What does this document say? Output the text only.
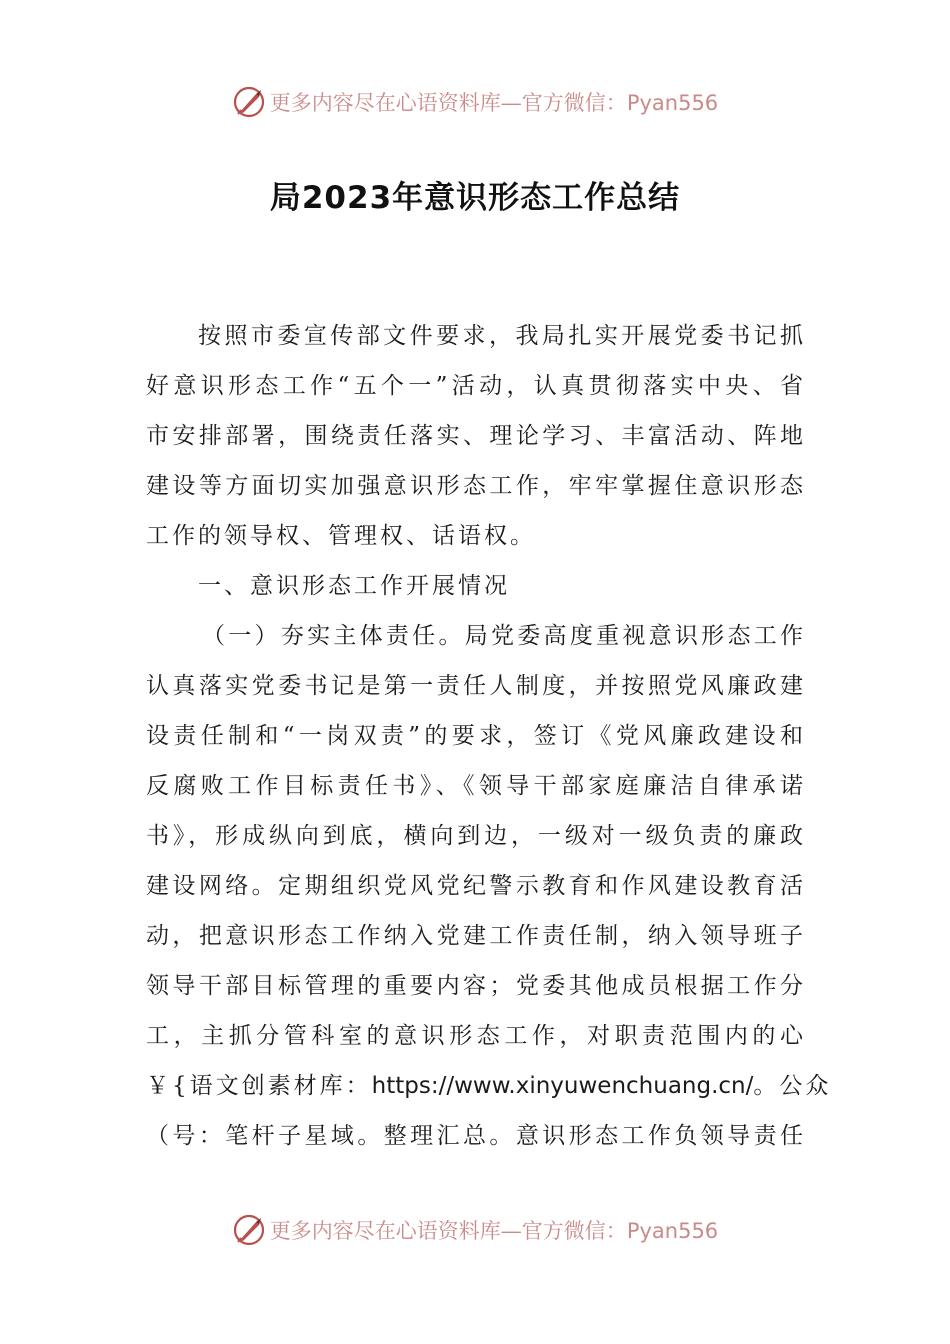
更多内容尽在心语资料库—官方微信：Pyan556
局2023年意识形态工作总结
按照市委宣传部文件要求，我局扎实开展党委书记抓
好意识形态工作“五个一”活动，认真贯彻落实中央、省
市安排部署，围绕责任落实、理论学习、丰富活动、阵地
建设等方面切实加强意识形态工作，牢牢掌握住意识形态
工作的领导权、管理权、话语权。
一、意识形态工作开展情况
（一）夯实主体责任。局党委高度重视意识形态工作
认真落实党委书记是第一责任人制度，并按照党风廉政建
设责任制和“一岗双责”的要求，签订《党风廉政建设和
反腐败工作目标责任书》、《领导干部家庭廉洁自律承诺
书》，形成纵向到底，横向到边，一级对一级负责的廉政
建设网络。定期组织党风党纪警示教育和作风建设教育活
动，把意识形态工作纳入党建工作责任制，纳入领导班子
领导干部目标管理的重要内容；党委其他成员根据工作分
工，主抓分管科室的意识形态工作，对职责范围内的心
￥{语文创素材库：https://www.xinyuwenchuang.cn/。公众
（号：笔杆子星域。整理汇总。意识形态工作负领导责任
更多内容尽在心语资料库—官方微信：Pyan556
